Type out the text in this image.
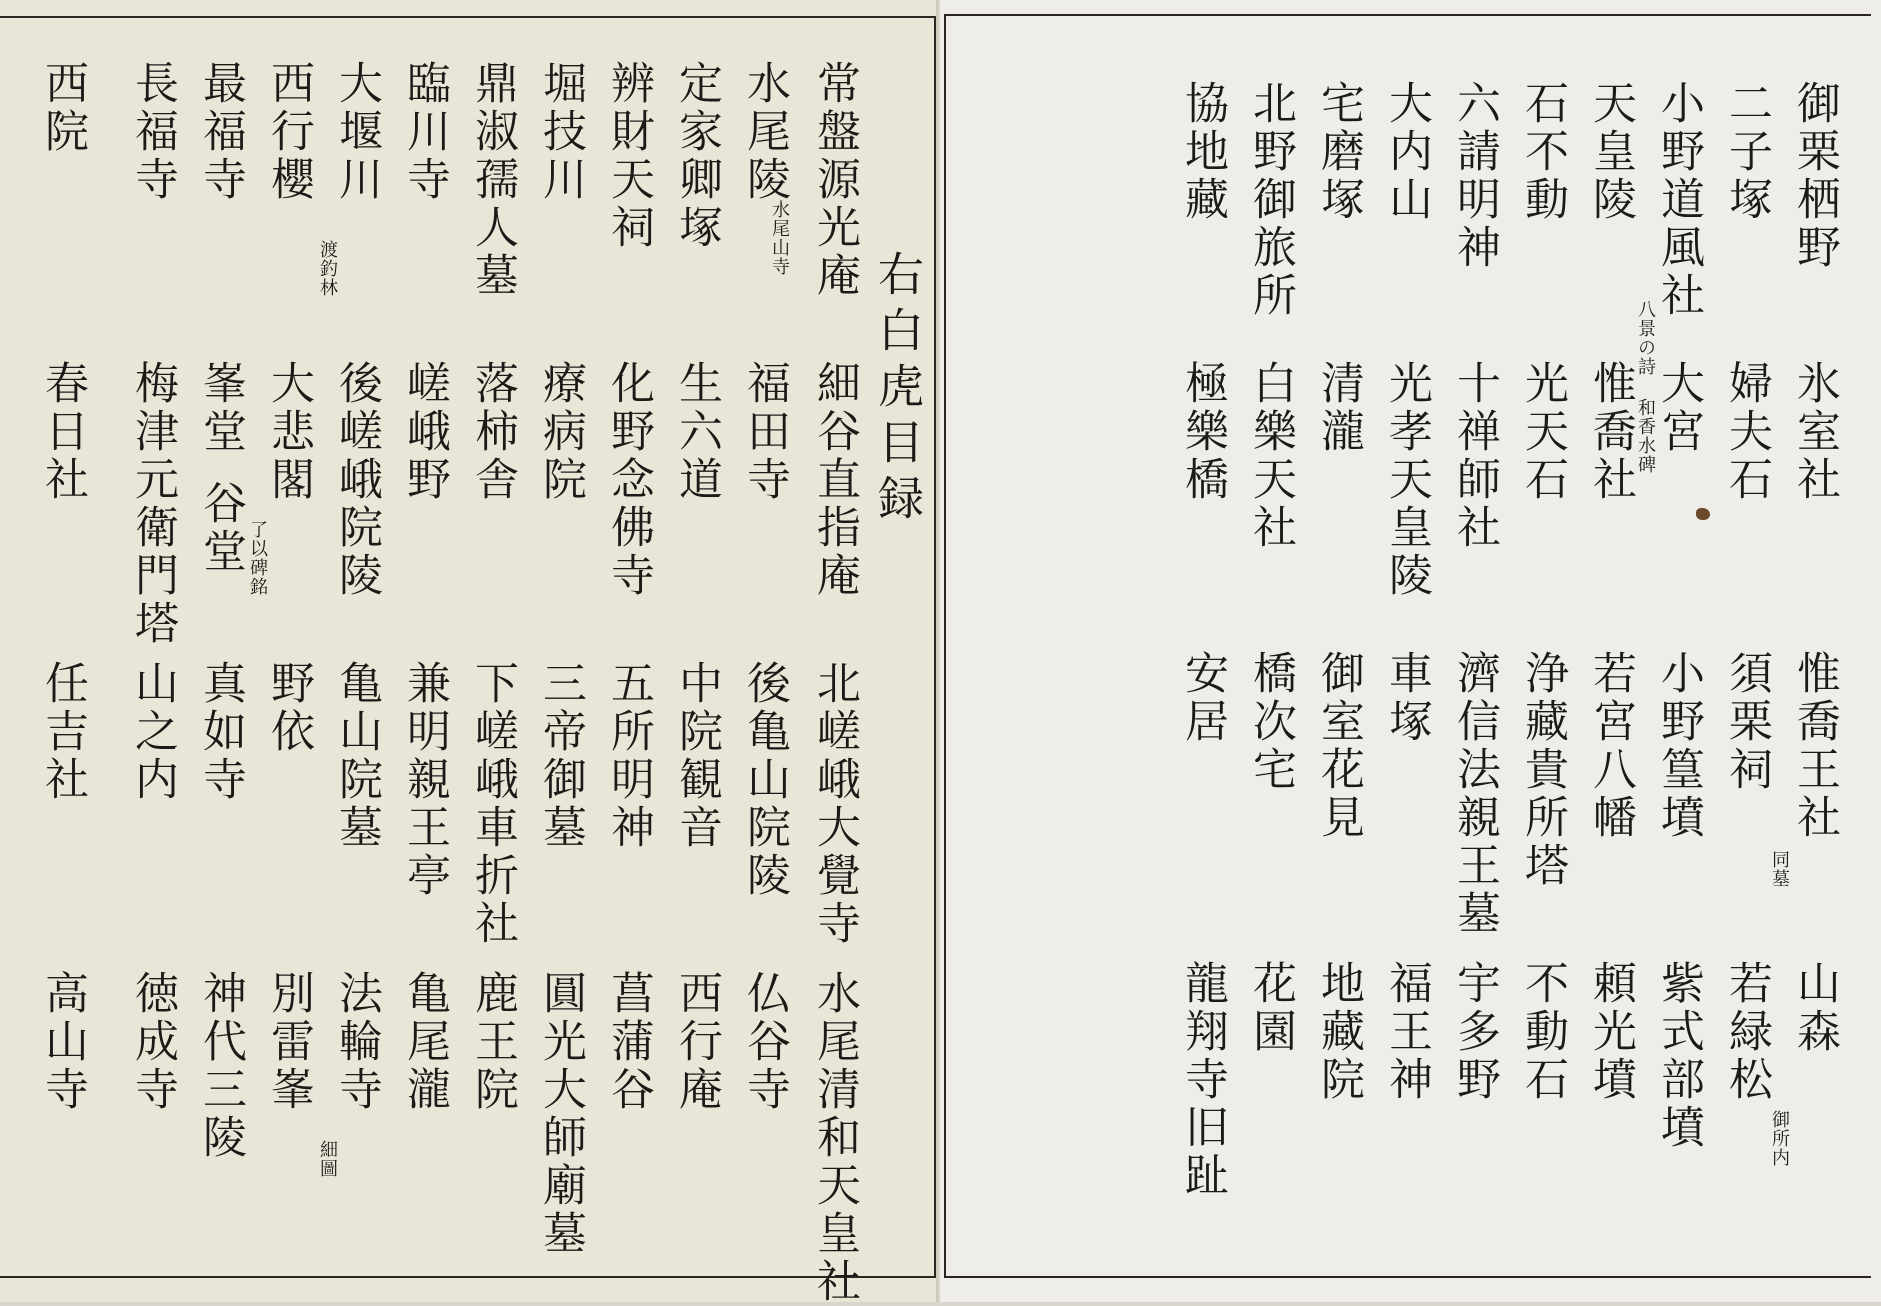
右白虎目録
常盤源光庵
細谷直指庵
北嵯峨大覺寺
水尾清和天皇社
水尾陵
水尾山寺
福田寺
後亀山院陵
仏谷寺
定家卿塚
生六道
中院観音
西行庵
辨財天祠
化野念佛寺
五所明神
菖蒲谷
堀技川
療病院
三帝御墓
圓光大師廟墓
鼎淑孺人墓
落柿舎
下嵯峨車折社
鹿王院
臨川寺
嵯峨野
兼明親王亭
亀尾瀧
大堰川
渡釣林
後嵯峨院陵
亀山院墓
法輪寺
細圖
西行櫻
大悲閣
了以碑銘
野依
別雷峯
最福寺
峯堂
谷堂
真如寺
神代三陵
長福寺
梅津元衛門塔
山之内
徳成寺
西院
春日社
任吉社
高山寺
御栗栖野
氷室社
惟喬王社
同墓
山森
御所内
二子塚
婦夫石
須栗祠
若緑松
小野道風社
八景の詩 和香水碑
大宮
小野篁墳
紫式部墳
天皇陵
惟喬社
若宮八幡
頼光墳
石不動
光天石
浄藏貴所塔
不動石
六請明神
十禅師社
濟信法親王墓
宇多野
大内山
光孝天皇陵
車塚
福王神
宅磨塚
清瀧
御室花見
地藏院
北野御旅所
白樂天社
橋次宅
花園
協地藏
極樂橋
安居
龍翔寺旧趾
